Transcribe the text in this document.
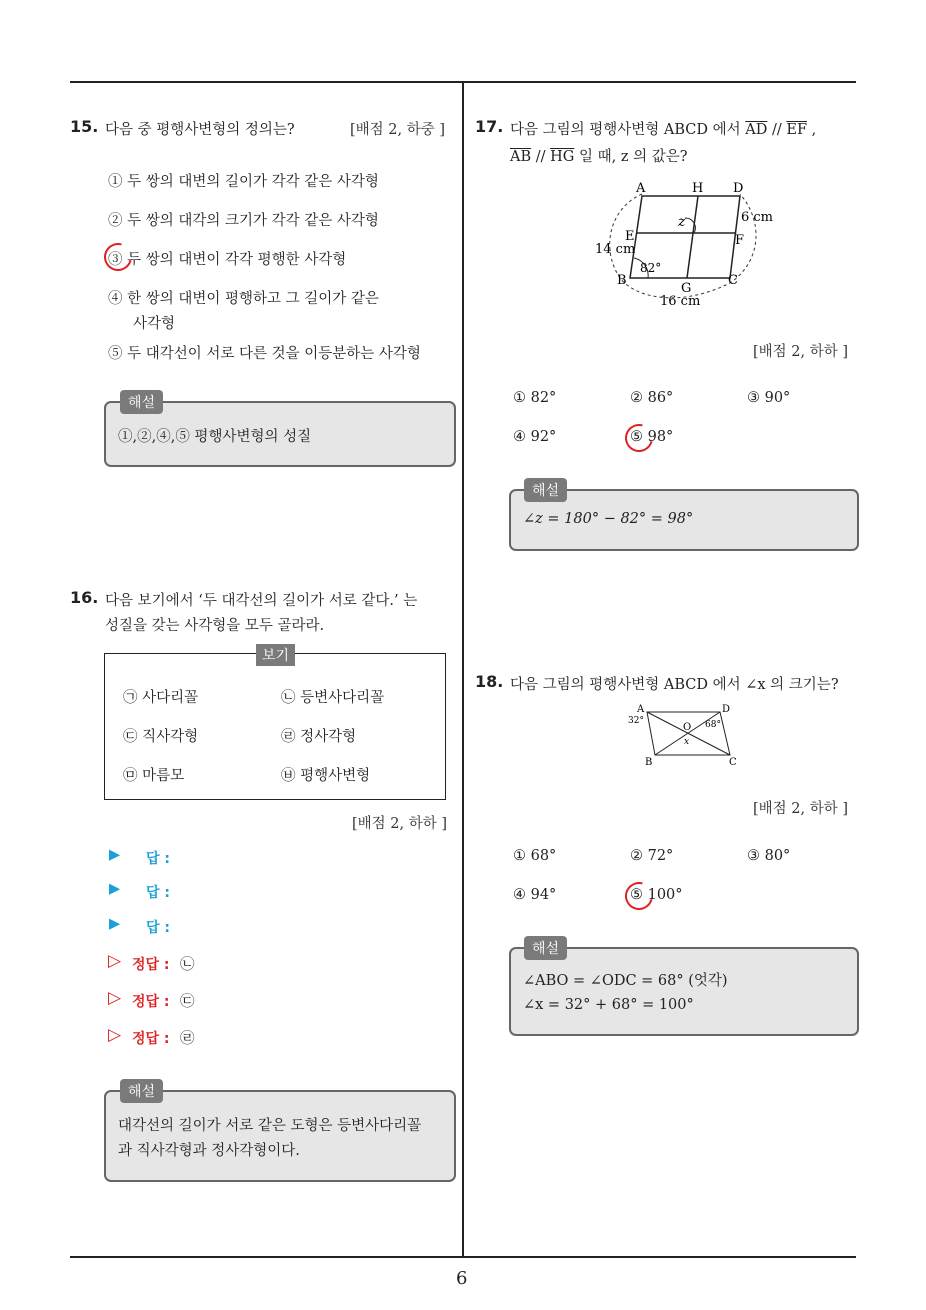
6
15. 다음 중 평행사변형의 정의는?	[배점 2, 하중 ]
① 두 쌍의 대변의 길이가 각각 같은 사각형
② 두 쌍의 대각의 크기가 각각 같은 사각형
③ 두 쌍의 대변이 각각 평행한 사각형
④ 한 쌍의 대변이 평행하고 그 길이가 같은
사각형
⑤ 두 대각선이 서로 다른 것을 이등분하는 사각형
①,②,④,⑤ 평행사변형의 성질
해설
16. 다음 보기에서 ‘두 대각선의 길이가 서로 같다.’ 는
성질을 갖는 사각형을 모두 골라라.
㉠ 사다리꼴	㉡ 등변사다리꼴
㉢ 직사각형	㉣ 정사각형
㉤ 마름모	㉥ 평행사변형
보기
[배점 2, 하하 ]
▶ 답 :
▶ 답 :
▶ 답 :
▷ 정답 : ㉡
▷ 정답 : ㉢
▷ 정답 : ㉣
대각선의 길이가 서로 같은 도형은 등변사다리꼴
과 직사각형과 정사각형이다.
해설
17. 다음 그림의 평행사변형 ABCD 에서 $\overline{AD} // \overline{EF}$ ,
$\overline{AB} // \overline{HG}$ 일 때, z 의 값은?
A	H D
E	F
B
G
C
z	6 cm
14 cm
16 cm
82°
[배점 2, 하하 ]
① 82°	② 86°	③ 90°
④ 92°	⑤ 98°
∠z = 180° − 82° = 98°
해설
18. 다음 그림의 평행사변형 ABCD 에서 ∠x 의 크기는?
A	D
O
B	C
x
32°	68°
[배점 2, 하하 ]
① 68°	② 72°	③ 80°
④ 94°	⑤ 100°
∠ABO = ∠ODC = 68° (엇각)
∠x = 32° + 68° = 100°
해설
